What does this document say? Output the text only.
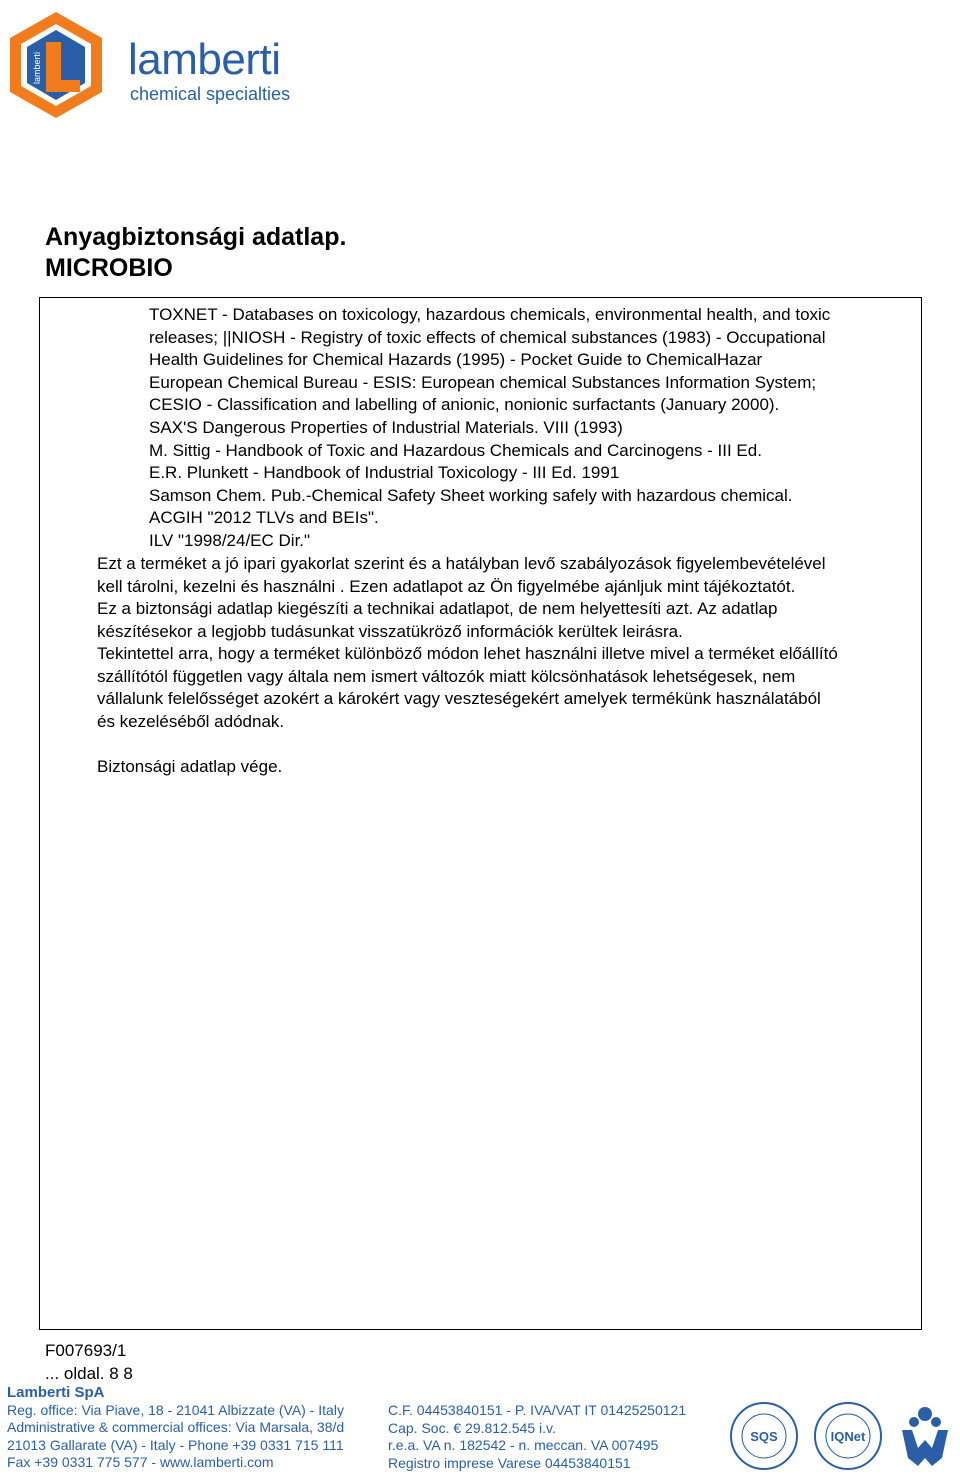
lamberti lamberti
chemical specialties
Anyagbiztonsági adatlap.
MICROBIO
TOXNET - Databases on toxicology, hazardous chemicals, environmental health, and toxic
releases; ||NIOSH - Registry of toxic effects of chemical substances (1983) - Occupational
Health Guidelines for Chemical Hazards (1995) - Pocket Guide to ChemicalHazar
European Chemical Bureau - ESIS: European chemical Substances Information System;
CESIO - Classification and labelling of anionic, nonionic surfactants (January 2000).
SAX'S Dangerous Properties of Industrial Materials. VIII (1993)
M. Sittig - Handbook of Toxic and Hazardous Chemicals and Carcinogens - III Ed.
E.R. Plunkett - Handbook of Industrial Toxicology - III Ed. 1991
Samson Chem. Pub.-Chemical Safety Sheet working safely with hazardous chemical.
ACGIH "2012 TLVs and BEIs".
ILV "1998/24/EC Dir."
Ezt a terméket a jó ipari gyakorlat szerint és a hatályban levő szabályozások figyelembevételével
kell tárolni, kezelni és használni . Ezen adatlapot az Ön figyelmébe ajánljuk mint tájékoztatót.
Ez a biztonsági adatlap kiegészíti a technikai adatlapot, de nem helyettesíti azt. Az adatlap
készítésekor a legjobb tudásunkat visszatükröző információk kerültek leirásra.
Tekintettel arra, hogy a terméket különböző módon lehet használni illetve mivel a terméket előállító
szállítótól független vagy általa nem ismert változók miatt kölcsönhatások lehetségesek, nem
vállalunk felelősséget azokért a károkért vagy veszteségekért amelyek termékünk használatából
és kezeléséből adódnak.
Biztonsági adatlap vége.
F007693/1
... oldal. 8 8
Lamberti SpA
Reg. office: Via Piave, 18 - 21041 Albizzate (VA) - Italy
Administrative & commercial offices: Via Marsala, 38/d
21013 Gallarate (VA) - Italy - Phone +39 0331 715 111
Fax +39 0331 775 577 - www.lamberti.com
C.F. 04453840151 - P. IVA/VAT IT 01425250121
Cap. Soc. € 29.812.545 i.v.
r.e.a. VA n. 182542 - n. meccan. VA 007495
Registro imprese Varese 04453840151
SQS	IQNet
